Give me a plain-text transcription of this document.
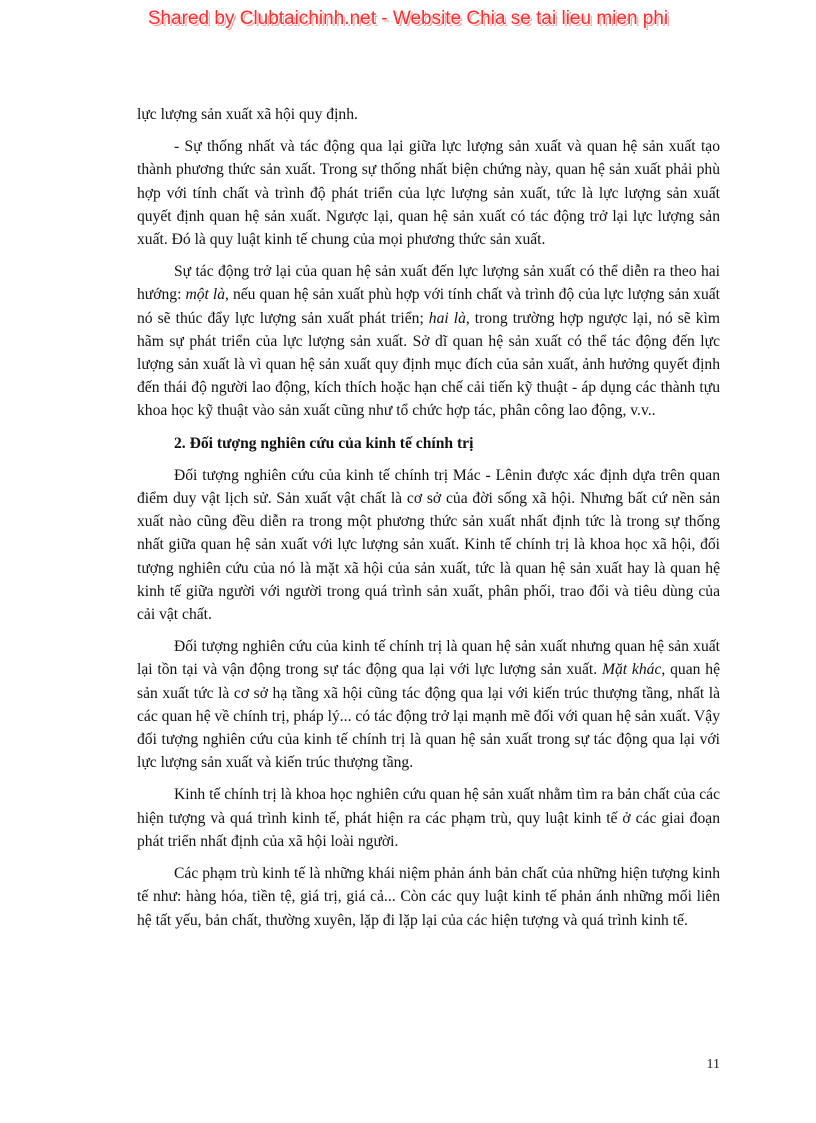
Shared by Clubtaichinh.net - Website Chia se tai lieu mien phi

lực lượng sản xuất xã hội quy định.

- Sự thống nhất và tác động qua lại giữa lực lượng sản xuất và quan hệ sản xuất tạo thành phương thức sản xuất. Trong sự thống nhất biện chứng này, quan hệ sản xuất phải phù hợp với tính chất và trình độ phát triển của lực lượng sản xuất, tức là lực lượng sản xuất quyết định quan hệ sản xuất. Ngược lại, quan hệ sản xuất có tác động trở lại lực lượng sản xuất. Đó là quy luật kinh tế chung của mọi phương thức sản xuất.

Sự tác động trở lại của quan hệ sản xuất đến lực lượng sản xuất có thể diễn ra theo hai hướng: một là, nếu quan hệ sản xuất phù hợp với tính chất và trình độ của lực lượng sản xuất nó sẽ thúc đẩy lực lượng sản xuất phát triển; hai là, trong trường hợp ngược lại, nó sẽ kìm hãm sự phát triển của lực lượng sản xuất. Sở dĩ quan hệ sản xuất có thể tác động đến lực lượng sản xuất là vì quan hệ sản xuất quy định mục đích của sản xuất, ảnh hưởng quyết định đến thái độ người lao động, kích thích hoặc hạn chế cải tiến kỹ thuật - áp dụng các thành tựu khoa học kỹ thuật vào sản xuất cũng như tổ chức hợp tác, phân công lao động, v.v..

2. Đối tượng nghiên cứu của kinh tế chính trị

Đối tượng nghiên cứu của kinh tế chính trị Mác - Lênin được xác định dựa trên quan điểm duy vật lịch sử. Sản xuất vật chất là cơ sở của đời sống xã hội. Nhưng bất cứ nền sản xuất nào cũng đều diễn ra trong một phương thức sản xuất nhất định tức là trong sự thống nhất giữa quan hệ sản xuất với lực lượng sản xuất. Kinh tế chính trị là khoa học xã hội, đối tượng nghiên cứu của nó là mặt xã hội của sản xuất, tức là quan hệ sản xuất hay là quan hệ kinh tế giữa người với người trong quá trình sản xuất, phân phối, trao đổi và tiêu dùng của cải vật chất.

Đối tượng nghiên cứu của kinh tế chính trị là quan hệ sản xuất nhưng quan hệ sản xuất lại tồn tại và vận động trong sự tác động qua lại với lực lượng sản xuất. Mặt khác, quan hệ sản xuất tức là cơ sở hạ tầng xã hội cũng tác động qua lại với kiến trúc thượng tầng, nhất là các quan hệ về chính trị, pháp lý... có tác động trở lại mạnh mẽ đối với quan hệ sản xuất. Vậy đối tượng nghiên cứu của kinh tế chính trị là quan hệ sản xuất trong sự tác động qua lại với lực lượng sản xuất và kiến trúc thượng tầng.

Kinh tế chính trị là khoa học nghiên cứu quan hệ sản xuất nhằm tìm ra bản chất của các hiện tượng và quá trình kinh tế, phát hiện ra các phạm trù, quy luật kinh tế ở các giai đoạn phát triển nhất định của xã hội loài người.

Các phạm trù kinh tế là những khái niệm phản ánh bản chất của những hiện tượng kinh tế như: hàng hóa, tiền tệ, giá trị, giá cả... Còn các quy luật kinh tế phản ánh những mối liên hệ tất yếu, bản chất, thường xuyên, lặp đi lặp lại của các hiện tượng và quá trình kinh tế.

11
